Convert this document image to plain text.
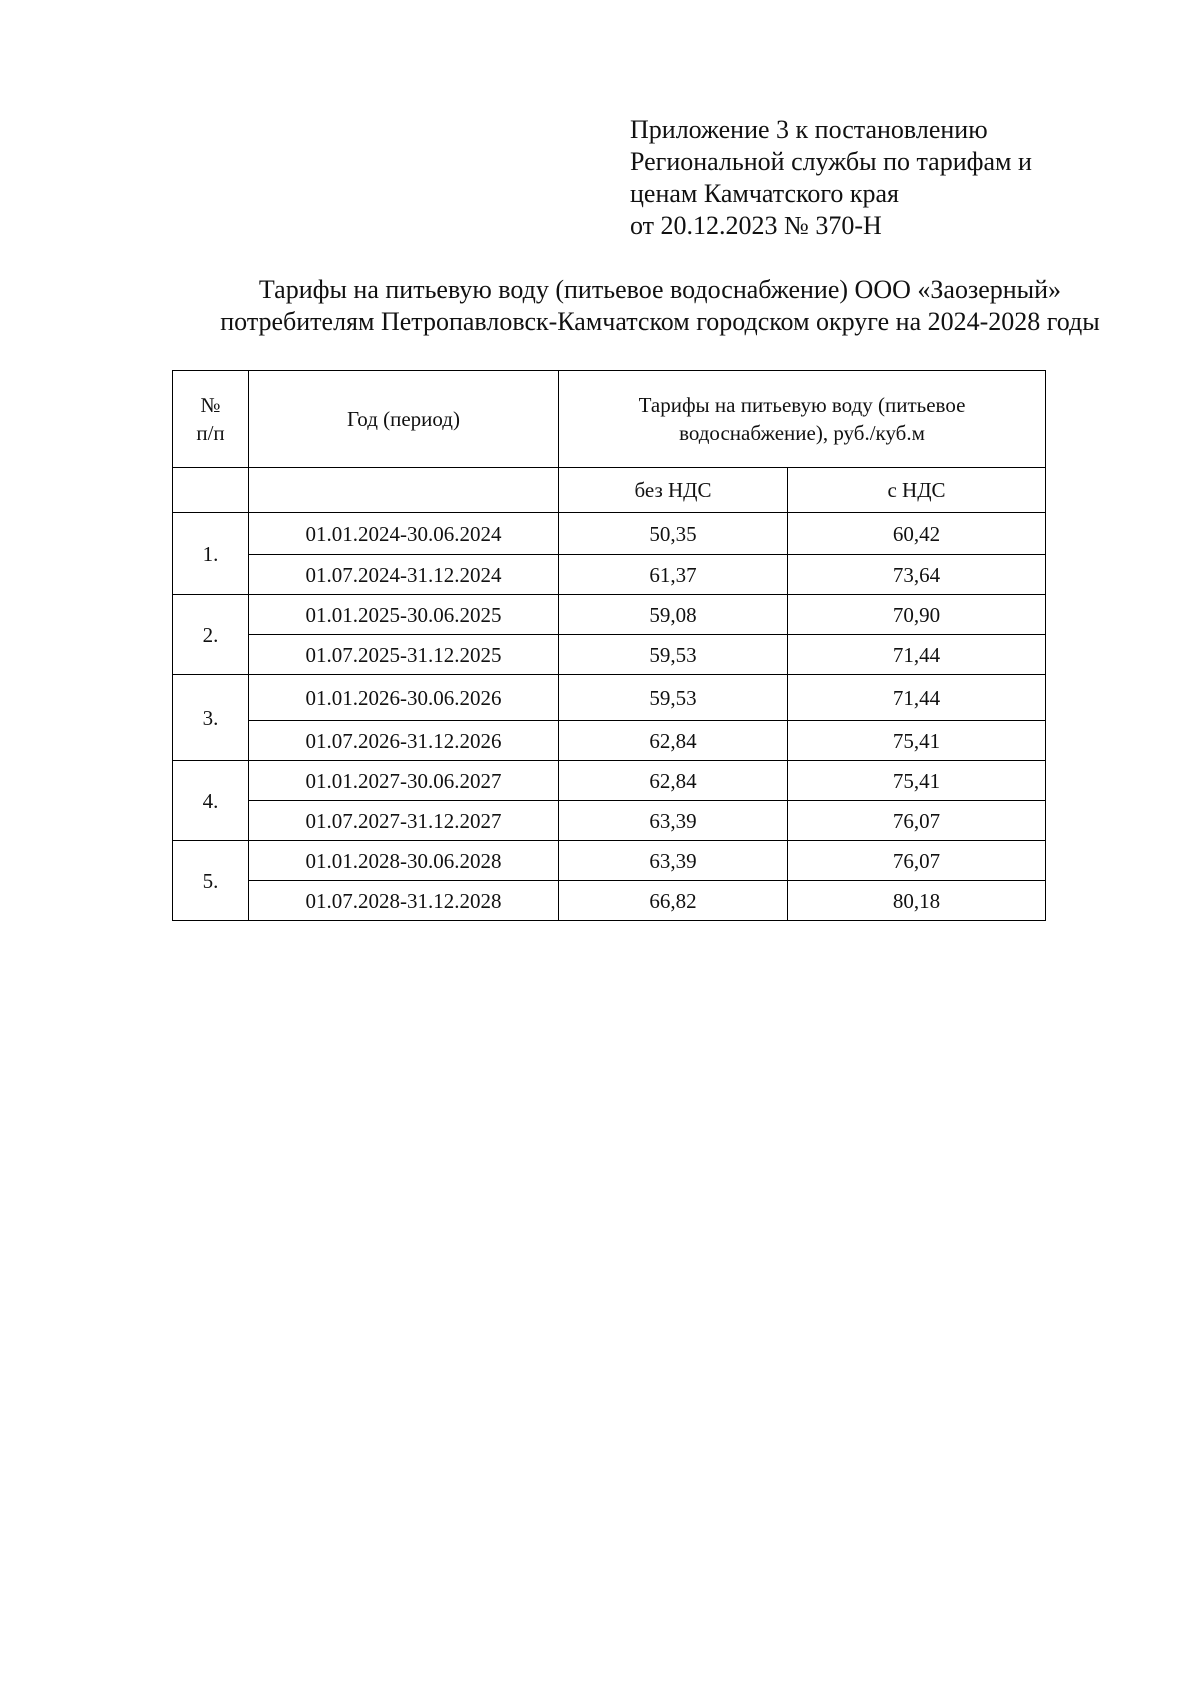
Приложение 3 к постановлению
Региональной службы по тарифам и
ценам Камчатского края
от 20.12.2023 № 370-Н
Тарифы на питьевую воду (питьевое водоснабжение) ООО «Заозерный»
потребителям Петропавловск-Камчатском городском округе на 2024-2028 годы
№
п/п	Год (период)	Тарифы на питьевую воду (питьевое
водоснабжение), руб./куб.м	

		без НДС	с НДС
1.	01.01.2024-30.06.2024	50,35	60,42
	01.07.2024-31.12.2024	61,37	73,64
2.	01.01.2025-30.06.2025	59,08	70,90
	01.07.2025-31.12.2025	59,53	71,44
3.	01.01.2026-30.06.2026	59,53	71,44
	01.07.2026-31.12.2026	62,84	75,41
4.	01.01.2027-30.06.2027	62,84	75,41
	01.07.2027-31.12.2027	63,39	76,07
5.	01.01.2028-30.06.2028	63,39	76,07
	01.07.2028-31.12.2028	66,82	80,18
